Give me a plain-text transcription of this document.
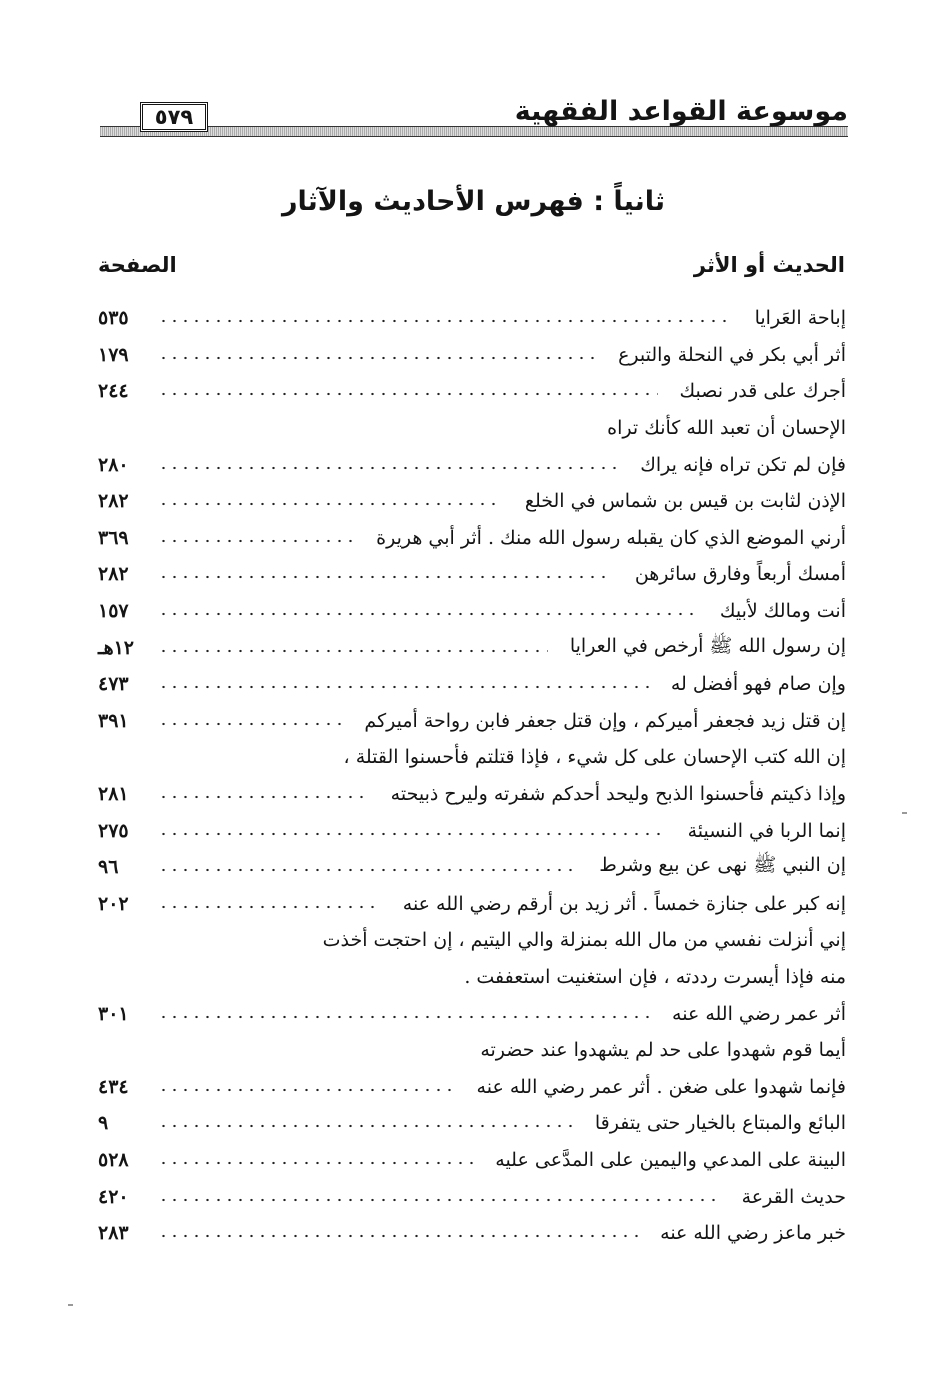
موسوعة القواعد الفقهية
٥٧٩
ثانياً : فهرس الأحاديث والآثار
الحديث أو الأثر
الصفحة
إباحة العَرايا
٥٣٥
أثر أبي بكر في النحلة والتبرع
١٧٩
أجرك على قدر نصبك
٢٤٤
الإحسان أن تعبد الله كأنك تراه
فإن لم تكن تراه فإنه يراك
٢٨٠
الإذن لثابت بن قيس بن شماس في الخلع
٢٨٢
أرني الموضع الذي كان يقبله رسول الله منك . أثر أبي هريرة
٣٦٩
أمسك أربعاً وفارق سائرهن
٢٨٢
أنت ومالك لأبيك
١٥٧
إن رسول الله ﷺ أرخص في العرايا
١٢هـ
وإن صام فهو أفضل له
٤٧٣
إن قتل زيد فجعفر أميركم ، وإن قتل جعفر فابن رواحة أميركم
٣٩١
إن الله كتب الإحسان على كل شيء ، فإذا قتلتم فأحسنوا القتلة ،
وإذا ذكيتم فأحسنوا الذبح وليحد أحدكم شفرته وليرح ذبيحته
٢٨١
إنما الربا في النسيئة
٢٧٥
إن النبي ﷺ نهى عن بيع وشرط
٩٦
إنه كبر على جنازة خمساً . أثر زيد بن أرقم رضي الله عنه
٢٠٢
إني أنزلت نفسي من مال الله بمنزلة والي اليتيم ، إن احتجت أخذت
منه فإذا أيسرت رددته ، فإن استغنيت استعففت .
أثر عمر رضي الله عنه
٣٠١
أيما قوم شهدوا على حد لم يشهدوا عند حضرته
فإنما شهدوا على ضغن . أثر عمر رضي الله عنه
٤٣٤
البائع والمبتاع بالخيار حتى يتفرقا
٩
البينة على المدعي واليمين على المدَّعى عليه
٥٢٨
حديث القرعة
٤٢٠
خبر ماعز رضي الله عنه
٢٨٣
